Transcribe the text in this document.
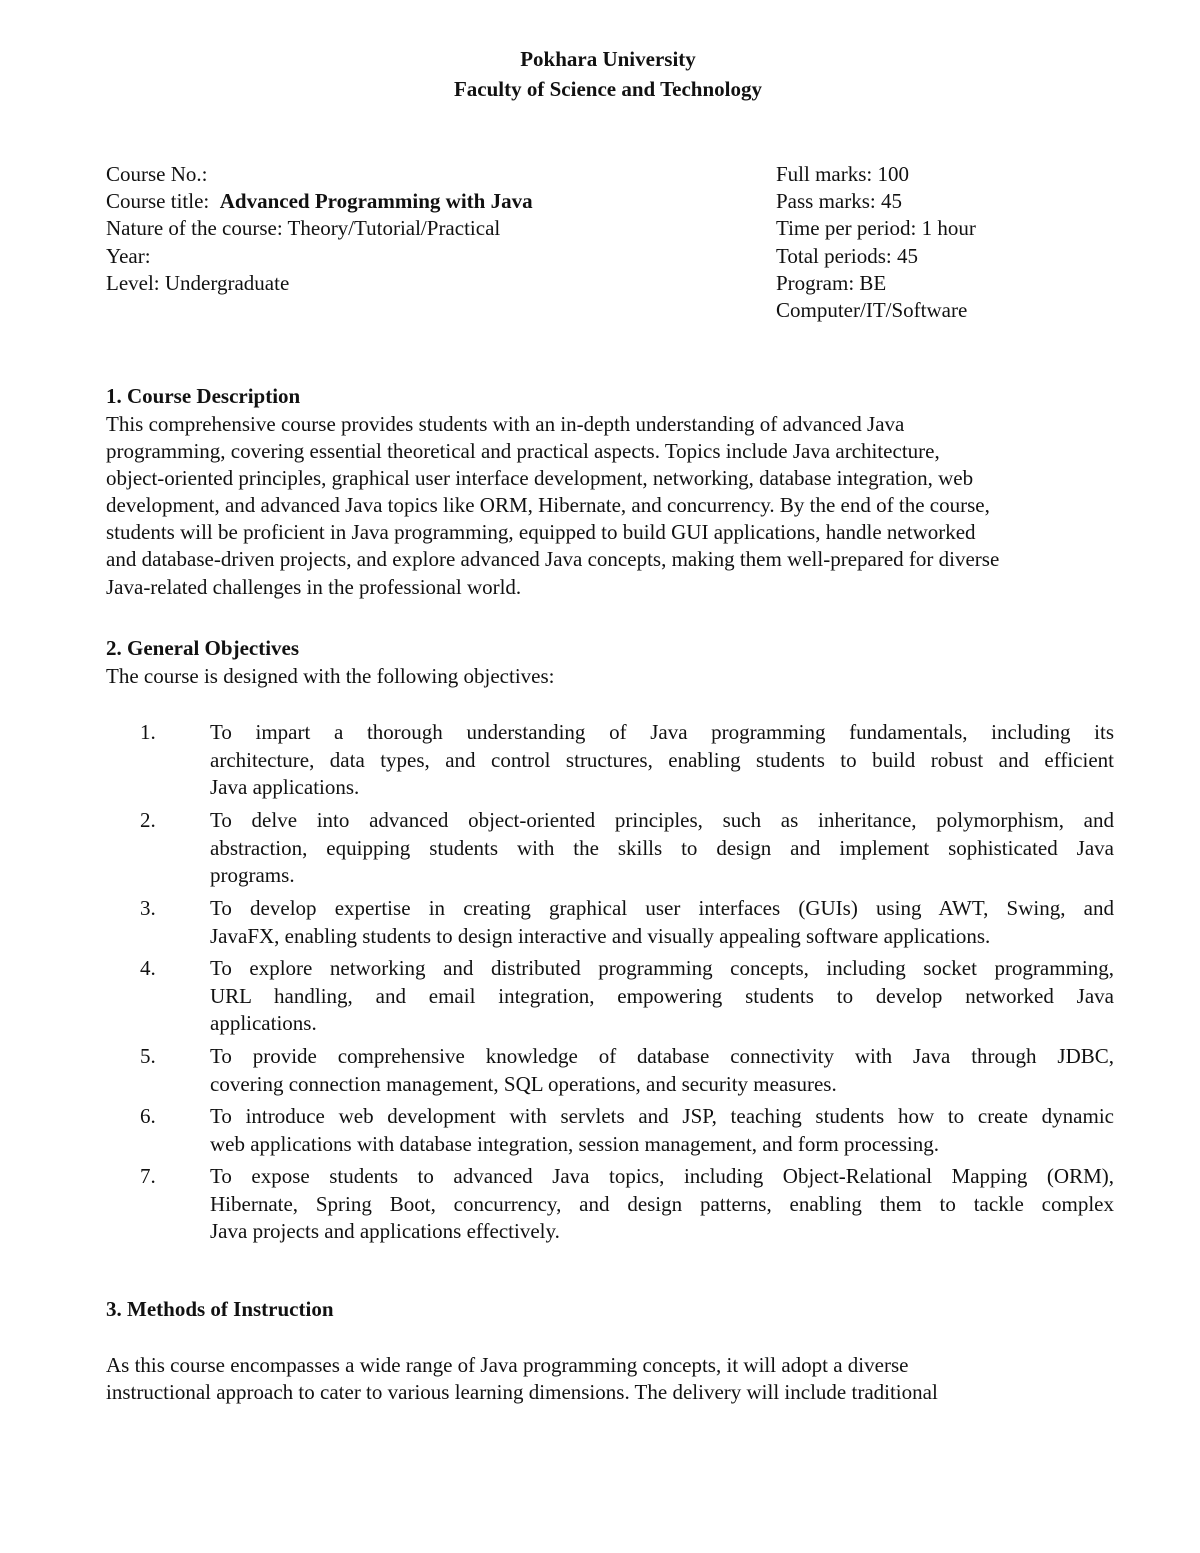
Pokhara University
Faculty of Science and Technology
Course No.:
Course title: Advanced Programming with Java
Nature of the course: Theory/Tutorial/Practical
Year:
Level: Undergraduate
Full marks: 100
Pass marks: 45
Time per period: 1 hour
Total periods: 45
Program: BE
Computer/IT/Software
1. Course Description
This comprehensive course provides students with an in-depth understanding of advanced Java
programming, covering essential theoretical and practical aspects. Topics include Java architecture,
object-oriented principles, graphical user interface development, networking, database integration, web
development, and advanced Java topics like ORM, Hibernate, and concurrency. By the end of the course,
students will be proficient in Java programming, equipped to build GUI applications, handle networked
and database-driven projects, and explore advanced Java concepts, making them well-prepared for diverse
Java-related challenges in the professional world.
2. General Objectives
The course is designed with the following objectives:
1.	To impart a thorough understanding of Java programming fundamentals, including its
architecture, data types, and control structures, enabling students to build robust and efficient
Java applications.
2.	To delve into advanced object-oriented principles, such as inheritance, polymorphism, and
abstraction, equipping students with the skills to design and implement sophisticated Java
programs.
3.	To develop expertise in creating graphical user interfaces (GUIs) using AWT, Swing, and
JavaFX, enabling students to design interactive and visually appealing software applications.
4.	To explore networking and distributed programming concepts, including socket programming,
URL handling, and email integration, empowering students to develop networked Java
applications.
5.	To provide comprehensive knowledge of database connectivity with Java through JDBC,
covering connection management, SQL operations, and security measures.
6.	To introduce web development with servlets and JSP, teaching students how to create dynamic
web applications with database integration, session management, and form processing.
7.	To expose students to advanced Java topics, including Object-Relational Mapping (ORM),
Hibernate, Spring Boot, concurrency, and design patterns, enabling them to tackle complex
Java projects and applications effectively.
3. Methods of Instruction
As this course encompasses a wide range of Java programming concepts, it will adopt a diverse
instructional approach to cater to various learning dimensions. The delivery will include traditional
